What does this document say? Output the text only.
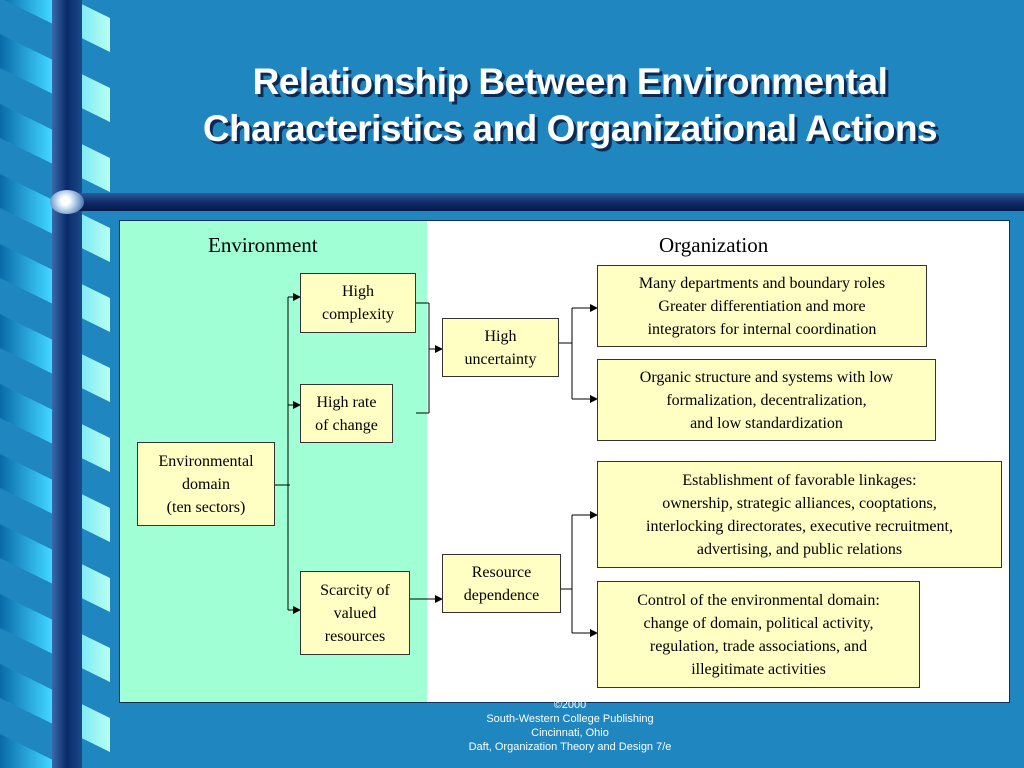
Relationship Between Environmental
Characteristics and Organizational Actions
Environment	Organization
Environmental
domain
(ten sectors)
High
complexity
High rate
of change
Scarcity of
valued
resources
High
uncertainty
Resource
dependence
Many departments and boundary roles
Greater differentiation and more
integrators for internal coordination
Organic structure and systems with low
formalization, decentralization,
and low standardization
Establishment of favorable linkages:
ownership, strategic alliances, cooptations,
interlocking directorates, executive recruitment,
advertising, and public relations
Control of the environmental domain:
change of domain, political activity,
regulation, trade associations, and
illegitimate activities
©2000
South-Western College Publishing
Cincinnati, Ohio
Daft, Organization Theory and Design 7/e
